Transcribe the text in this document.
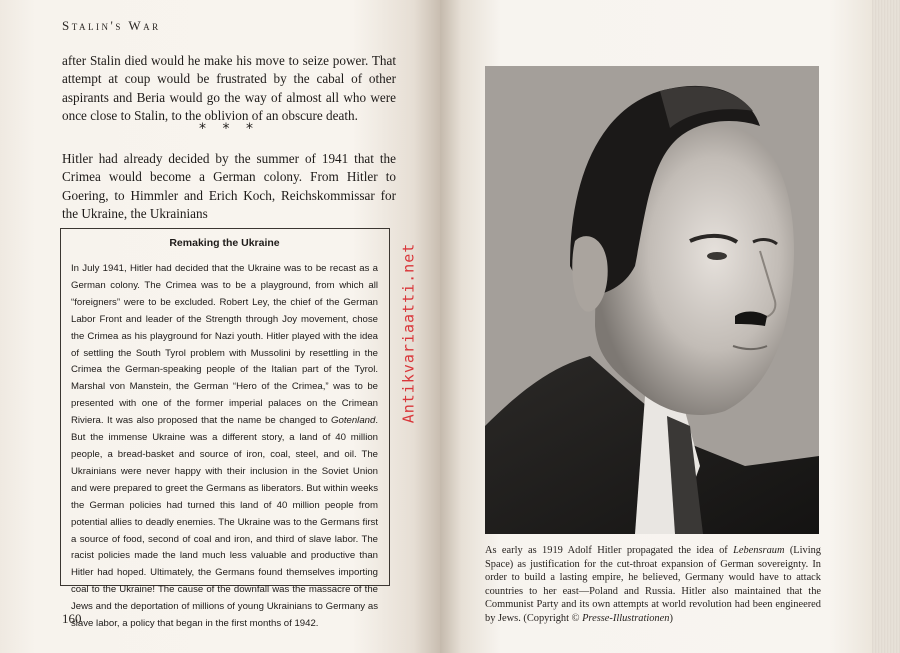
Stalin's War

after Stalin died would he make his move to seize power. That attempt at coup would be frustrated by the cabal of other aspirants and Beria would go the way of almost all who were once close to Stalin, to the oblivion of an obscure death.

* * *

Hitler had already decided by the summer of 1941 that the Crimea would become a German colony. From Hitler to Goering, to Himmler and Erich Koch, Reichskommissar for the Ukraine, the Ukrainians

Remaking the Ukraine

In July 1941, Hitler had decided that the Ukraine was to be recast as a German colony. The Crimea was to be a playground, from which all “foreigners” were to be excluded. Robert Ley, the chief of the German Labor Front and leader of the Strength through Joy movement, chose the Crimea as his playground for Nazi youth. Hitler played with the idea of settling the South Tyrol problem with Mussolini by resettling in the Crimea the German-speaking people of the Italian part of the Tyrol. Marshal von Manstein, the German “Hero of the Crimea,” was to be presented with one of the former imperial palaces on the Crimean Riviera. It was also proposed that the name be changed to Gotenland. But the immense Ukraine was a different story, a land of 40 million people, a bread-basket and source of iron, coal, steel, and oil. The Ukrainians were never happy with their inclusion in the Soviet Union and were prepared to greet the Germans as liberators. But within weeks the German policies had turned this land of 40 million people from potential allies to deadly enemies. The Ukraine was to the Germans first a source of food, second of coal and iron, and third of slave labor. The racist policies made the land much less valuable and productive than Hitler had hoped. Ultimately, the Germans found themselves importing coal to the Ukraine! The cause of the downfall was the massacre of the Jews and the deportation of millions of young Ukrainians to Germany as slave labor, a policy that began in the first months of 1942.

160
Antikvariaatti.net

As early as 1919 Adolf Hitler propagated the idea of Lebensraum (Living Space) as justification for the cut-throat expansion of German sovereignty. In order to build a lasting empire, he believed, Germany would have to attack countries to her east—Poland and Russia. Hitler also maintained that the Communist Party and its own attempts at world revolution had been engineered by Jews. (Copyright © Presse-Illustrationen)
